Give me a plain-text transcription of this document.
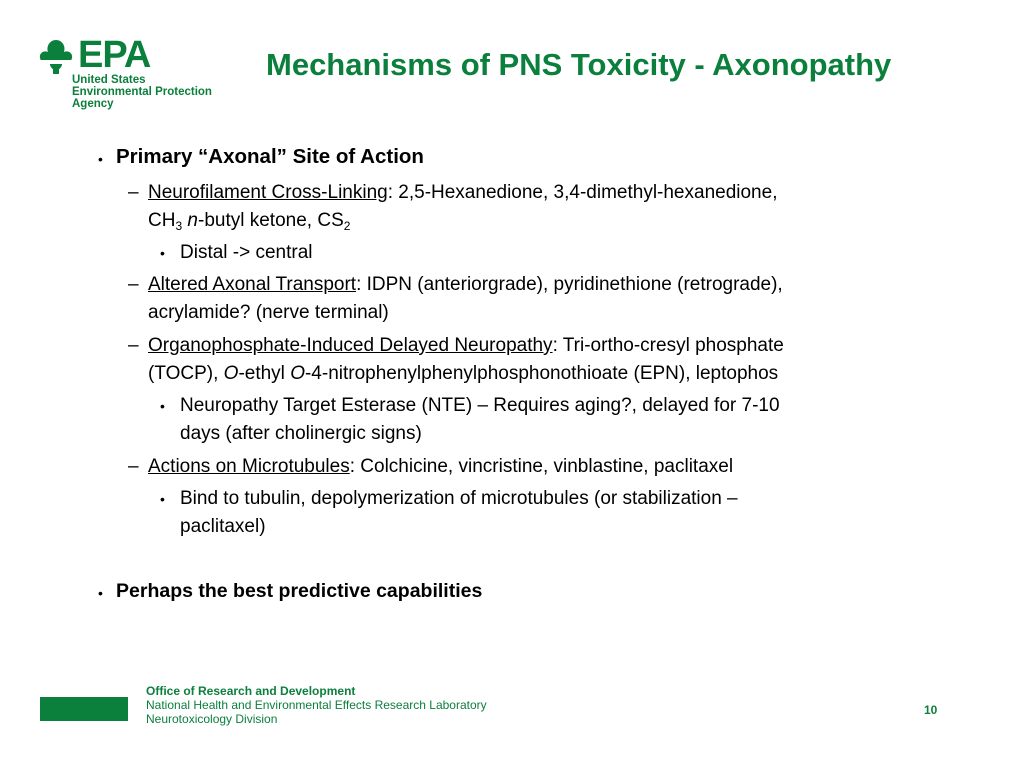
EPA
United States
Environmental Protection
Agency
Mechanisms of PNS Toxicity - Axonopathy
• Primary “Axonal” Site of Action
– Neurofilament Cross-Linking: 2,5-Hexanedione, 3,4-dimethyl-hexanedione,
$CH_3$ n-butyl ketone, $CS_2$
• Distal -> central
– Altered Axonal Transport: IDPN (anteriorgrade), pyridinethione (retrograde),
acrylamide? (nerve terminal)
– Organophosphate-Induced Delayed Neuropathy: Tri-ortho-cresyl phosphate
(TOCP), O-ethyl O-4-nitrophenylphenylphosphonothioate (EPN), leptophos
• Neuropathy Target Esterase (NTE) – Requires aging?, delayed for 7-10
days (after cholinergic signs)
– Actions on Microtubules: Colchicine, vincristine, vinblastine, paclitaxel
• Bind to tubulin, depolymerization of microtubules (or stabilization –
paclitaxel)
• Perhaps the best predictive capabilities
Office of Research and Development
National Health and Environmental Effects Research Laboratory
Neurotoxicology Division
10
